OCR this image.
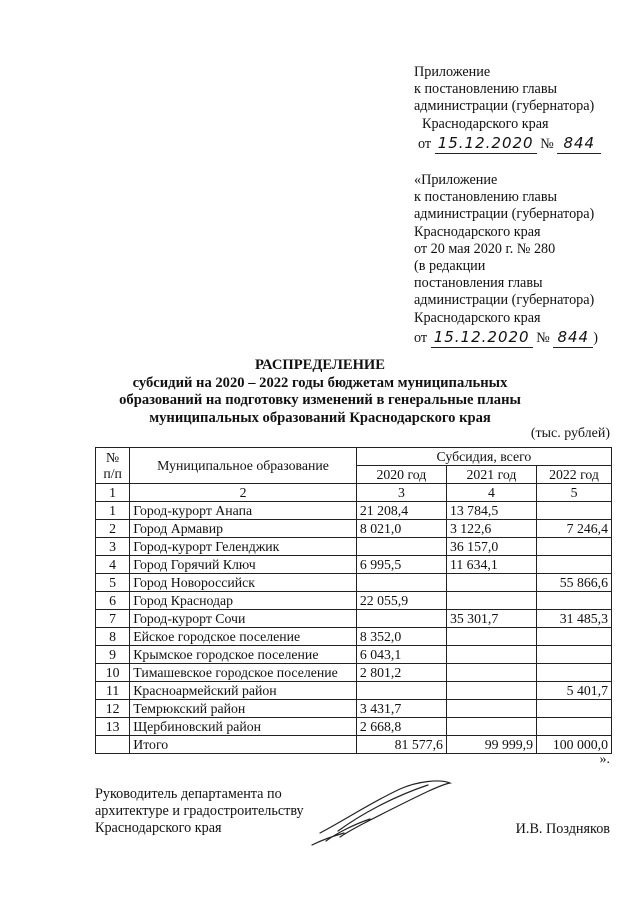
Приложение
к постановлению главы
администрации (губернатора)
Краснодарского края
от 15.12.2020 № 844
«Приложение
к постановлению главы
администрации (губернатора)
Краснодарского края
от 20 мая 2020 г. № 280
(в редакции
постановления главы
администрации (губернатора)
Краснодарского края
от 15.12.2020 № 844 )
РАСПРЕДЕЛЕНИЕ
субсидий на 2020 – 2022 годы бюджетам муниципальных
образований на подготовку изменений в генеральные планы
муниципальных образований Краснодарского края
(тыс. рублей)
№ п/п	Муниципальное образование	Субсидия, всего		
		2020 год	2021 год	2022 год
1	2	3	4	5
1	Город-курорт Анапа	21 208,4	13 784,5	
2	Город Армавир	8 021,0	3 122,6	7 246,4
3	Город-курорт Геленджик		36 157,0	
4	Город Горячий Ключ	6 995,5	11 634,1	
5	Город Новороссийск			55 866,6
6	Город Краснодар	22 055,9		
7	Город-курорт Сочи		35 301,7	31 485,3
8	Ейское городское поселение	8 352,0		
9	Крымское городское поселение	6 043,1		
10	Тимашевское городское поселение	2 801,2		
11	Красноармейский район			5 401,7
12	Темрюкский район	3 431,7		
13	Щербиновский район	2 668,8		
	Итого	81 577,6	99 999,9	100 000,0
».
Руководитель департамента по
архитектуре и градостроительству
Краснодарского края	И.В. Поздняков
